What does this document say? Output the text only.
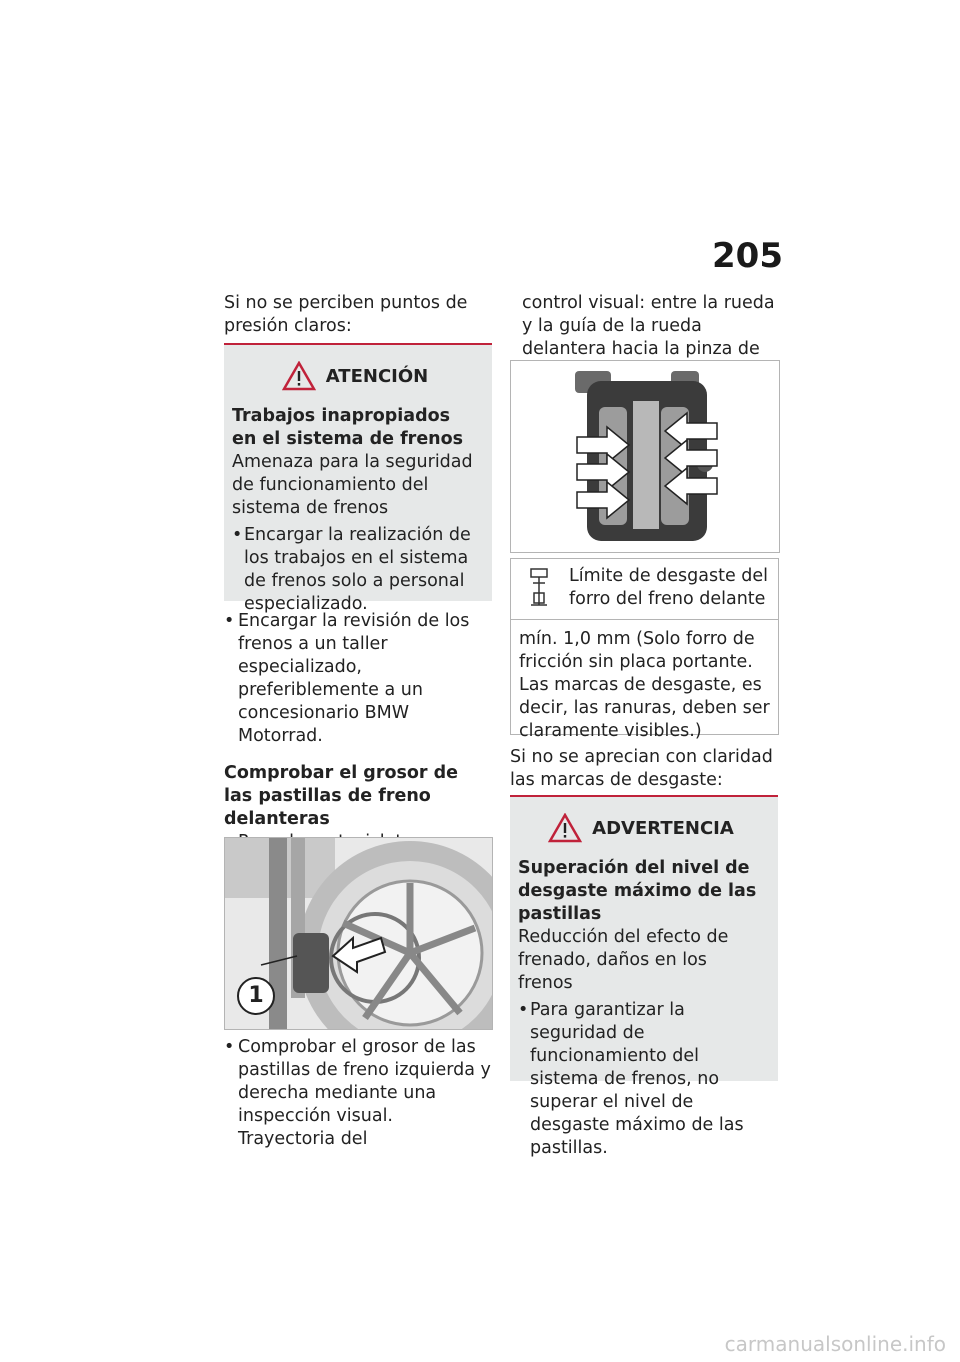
205

Si no se perciben puntos de presión claros:

ATENCIÓN

Trabajos inapropiados en el sistema de frenos

Amenaza para la seguridad de funcionamiento del sistema de frenos

• Encargar la realización de los trabajos en el sistema de frenos solo a personal especializado.
• Encargar la revisión de los frenos a un taller especializado, preferiblemente a un concesionario BMW Motorrad.

Comprobar el grosor de las pastillas de freno delanteras

1
• Comprobar el grosor de las pastillas de freno izquierda y derecha mediante una inspección visual. Trayectoria del

control visual: entre la rueda y la guía de la rueda delantera hacia la pinza de

Límite de desgaste del forro del freno delante
mín. 1,0 mm (Solo forro de fricción sin placa portante. Las marcas de desgaste, es decir, las ranuras, deben ser claramente visibles.)

Si no se aprecian con claridad las marcas de desgaste:

ADVERTENCIA

Superación del nivel de desgaste máximo de las pastillas

Reducción del efecto de frenado, daños en los frenos

• Para garantizar la seguridad de funcionamiento del sistema de frenos, no superar el nivel de desgaste máximo de las pastillas.
carmanualsonline.info
